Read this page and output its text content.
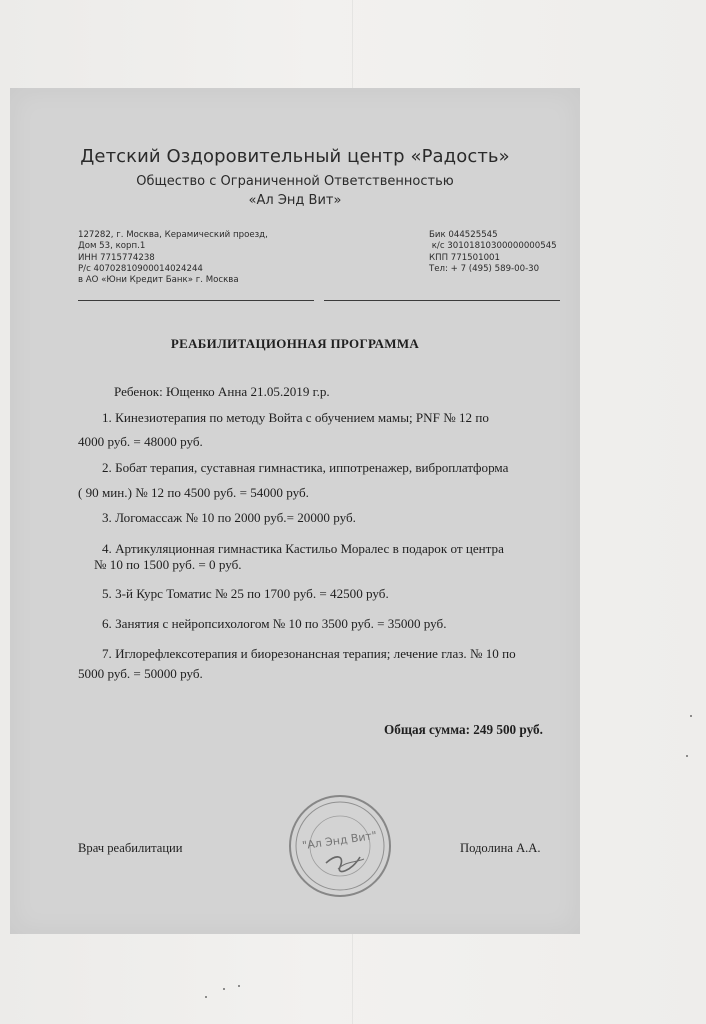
Детский Оздоровительный центр «Радость»
Общество с Ограниченной Ответственностью
«Ал Энд Вит»
127282, г. Москва, Керамический проезд,
Дом 53, корп.1
ИНН 7715774238
Р/с 40702810900014024244
в АО «Юни Кредит Банк» г. Москва
Бик 044525545
к/с 30101810300000000545
КПП 771501001
Тел: + 7 (495) 589-00-30
РЕАБИЛИТАЦИОННАЯ ПРОГРАММА
Ребенок: Ющенко Анна 21.05.2019 г.р.
1. Кинезиотерапия по методу Войта с обучением мамы; PNF № 12 по
4000 руб. = 48000 руб.
2. Бобат терапия, суставная гимнастика, иппотренажер, виброплатформа
( 90 мин.) № 12 по 4500 руб. = 54000 руб.
3. Логомассаж № 10 по 2000 руб.= 20000 руб.
4. Артикуляционная гимнастика Кастильо Моралес в подарок от центра
№ 10 по 1500 руб. = 0 руб.
5. 3-й Курс Томатис № 25 по 1700 руб. = 42500 руб.
6. Занятия с нейропсихологом № 10 по 3500 руб. = 35000 руб.
7. Иглорефлексотерапия и биорезонансная терапия; лечение глаз. № 10 по
5000 руб. = 50000 руб.
Общая сумма: 249 500 руб.
Врач реабилитации	Подолина А.А.
"Ал Энд Вит"
